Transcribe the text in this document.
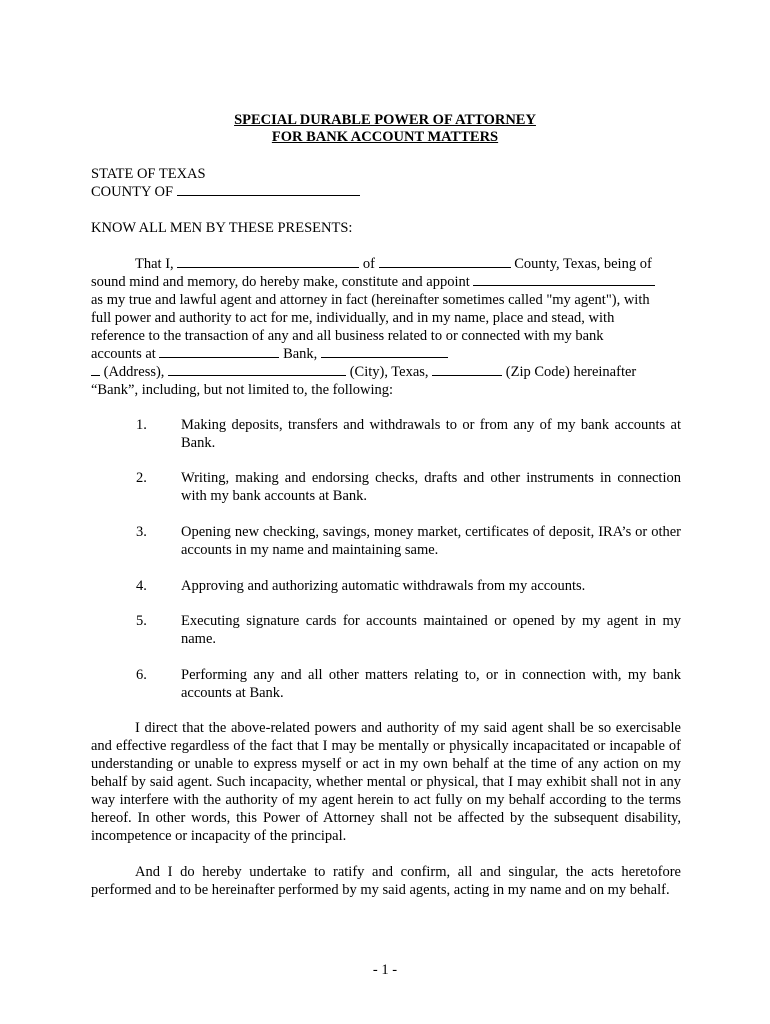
SPECIAL DURABLE POWER OF ATTORNEY
FOR BANK ACCOUNT MATTERS
STATE OF TEXAS
COUNTY OF
KNOW ALL MEN BY THESE PRESENTS:
That I,	of	County, Texas, being of
sound mind and memory, do hereby make, constitute and appoint
as my true and lawful agent and attorney in fact (hereinafter sometimes called "my agent"), with
full power and authority to act for me, individually, and in my name, place and stead, with
reference to the transaction of any and all business related to or connected with my bank
accounts at	Bank,
(Address),	(City), Texas,	(Zip Code) hereinafter
“Bank”, including, but not limited to, the following:
1. Making deposits, transfers and withdrawals to or from any of my bank accounts at Bank.
2. Writing, making and endorsing checks, drafts and other instruments in connection with my bank accounts at Bank.
3. Opening new checking, savings, money market, certificates of deposit, IRA’s or other accounts in my name and maintaining same.
4. Approving and authorizing automatic withdrawals from my accounts.
5. Executing signature cards for accounts maintained or opened by my agent in my name.
6. Performing any and all other matters relating to, or in connection with, my bank accounts at Bank.
I direct that the above-related powers and authority of my said agent shall be so exercisable and effective regardless of the fact that I may be mentally or physically incapacitated or incapable of understanding or unable to express myself or act in my own behalf at the time of any action on my behalf by said agent. Such incapacity, whether mental or physical, that I may exhibit shall not in any way interfere with the authority of my agent herein to act fully on my behalf according to the terms hereof. In other words, this Power of Attorney shall not be affected by the subsequent disability, incompetence or incapacity of the principal.
And I do hereby undertake to ratify and confirm, all and singular, the acts heretofore performed and to be hereinafter performed by my said agents, acting in my name and on my behalf.
- 1 -
